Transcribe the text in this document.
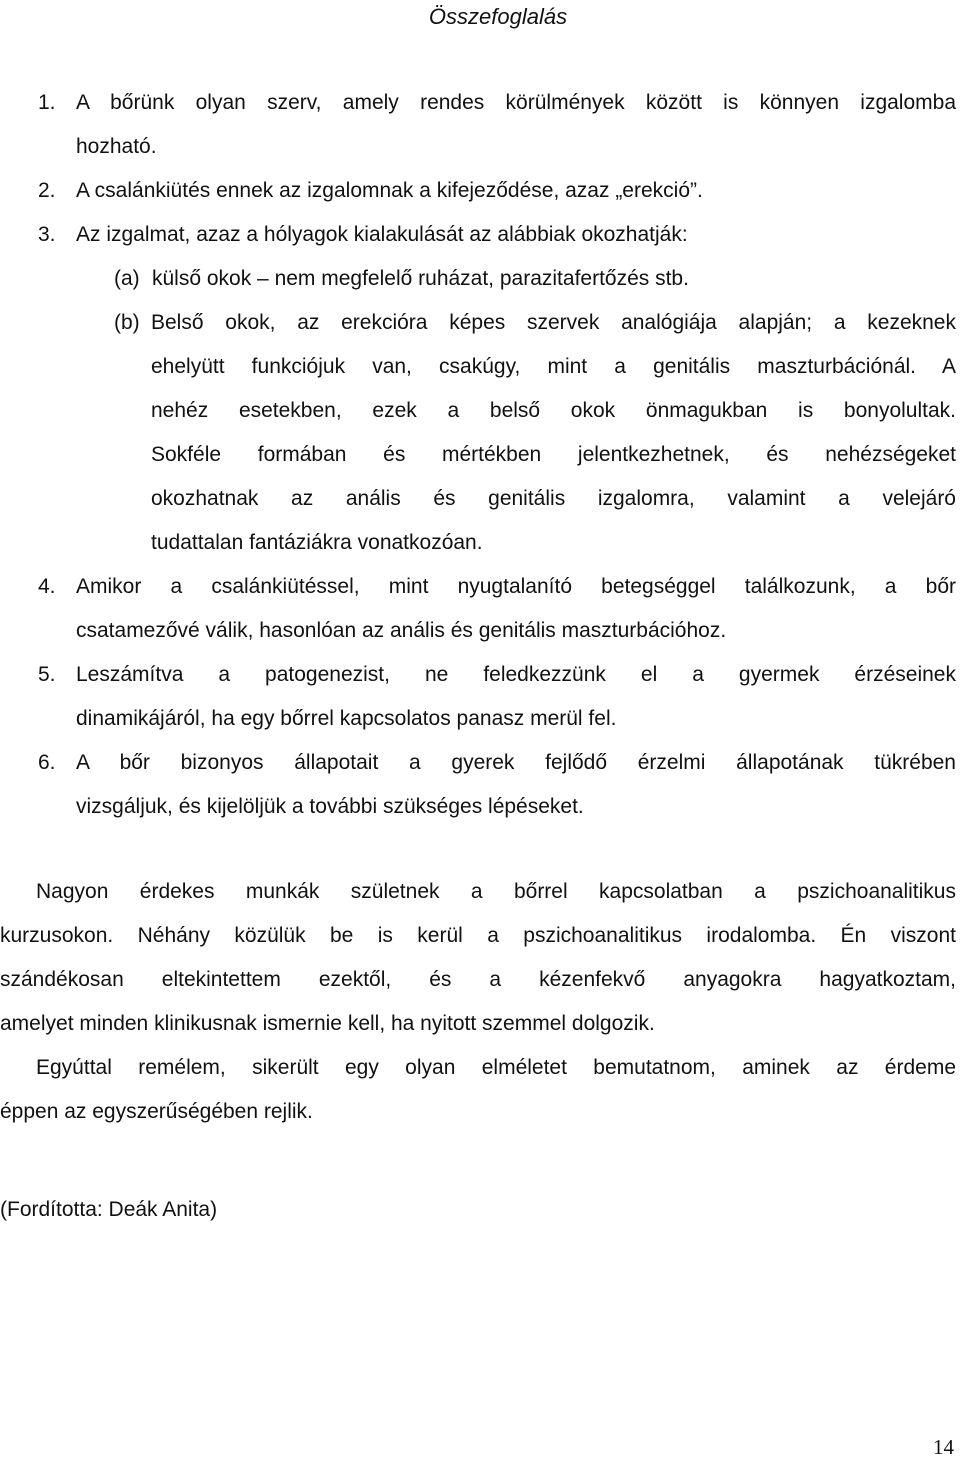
Összefoglalás
1. A bőrünk olyan szerv, amely rendes körülmények között is könnyen izgalomba
hozható.
2. A csalánkiütés ennek az izgalomnak a kifejeződése, azaz „erekció”.
3. Az izgalmat, azaz a hólyagok kialakulását az alábbiak okozhatják:
(a) külső okok – nem megfelelő ruházat, parazitafertőzés stb.
(b) Belső okok, az erekcióra képes szervek analógiája alapján; a kezeknek
ehelyütt funkciójuk van, csakúgy, mint a genitális maszturbációnál. A
nehéz esetekben, ezek a belső okok önmagukban is bonyolultak.
Sokféle formában és mértékben jelentkezhetnek, és nehézségeket
okozhatnak az anális és genitális izgalomra, valamint a velejáró
tudattalan fantáziákra vonatkozóan.
4. Amikor a csalánkiütéssel, mint nyugtalanító betegséggel találkozunk, a bőr
csatamezővé válik, hasonlóan az anális és genitális maszturbációhoz.
5. Leszámítva a patogenezist, ne feledkezzünk el a gyermek érzéseinek
dinamikájáról, ha egy bőrrel kapcsolatos panasz merül fel.
6. A bőr bizonyos állapotait a gyerek fejlődő érzelmi állapotának tükrében
vizsgáljuk, és kijelöljük a további szükséges lépéseket.
Nagyon érdekes munkák születnek a bőrrel kapcsolatban a pszichoanalitikus
kurzusokon. Néhány közülük be is kerül a pszichoanalitikus irodalomba. Én viszont
szándékosan eltekintettem ezektől, és a kézenfekvő anyagokra hagyatkoztam,
amelyet minden klinikusnak ismernie kell, ha nyitott szemmel dolgozik.
Egyúttal remélem, sikerült egy olyan elméletet bemutatnom, aminek az érdeme
éppen az egyszerűségében rejlik.
(Fordította: Deák Anita)
14
